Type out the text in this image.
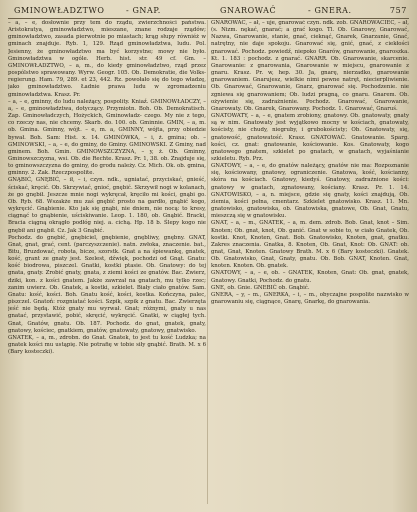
GMINOWŁADZTWO	- GNAP.	GNAROWAĆ	- GNERA.	757

– a, – e, dosłownie przy tem do rządu, zwierzchności państwa. Aristokratya, gminowładztwo, mieszane, znane rodzaje rządów; gminowładztwo, zasada pierwotnie po miastach; krąg słupy równiéż w gminach znajduje. Ryb. 1, 129. Rząd gminowładztwa, ludu. Pol. Jesienny, że gminowładztwo ma być korzystne; mowy nie było. Gminowładztwa w ogóle. Herb. hist. str. 49 cf. Gm. – GMINOWŁADZTWO, – a, m., do kiedy gminowładztwo, rząd przez pospólstwo sprawowany. Wyrw. Geogr. 105. Ob. Demokratie, die Volks- regierung. Ham. 79, 289. et 23, 442. Rz. powołało się do tego władzę, jako gminowładztwo. Ładnie prawa ludu w zgromadzeniu gminowładztwa. Krasz. Pr.

– a, – e, gminny, do ludu należący, pospolity. Kniaź. GMINOWŁADCZY, – a, – e, gminowładztwa, dotyczący. Przymiotn. Boh. Ob. Demokratisch. Zap. Gminowładczych, Hożyckich, Gminowładz- czego. My nie z tego, co rzeczy nas, nie chcemy. Skarb. do. 100. ob. Gminnie. GMIN, – a, m. ob. Gmina. Gminny, wójt. – e, m. a, GMINNY, wójta, przy obiedzie bywał. Boh. Sam: Hist. x. 14. GMINÓWKA, – i, ż. gmina; ob. – GMINOWSKI, – a, – e, do gminy, do Gminy. GMINOWSKI. Z Gminy, nad gminem. Boh. Gmin. GMINOWSZCZYZNA, – y, ż. Ob. Gminny, Gminowszczyzna, wsi. Ob. die Rechte. Krasz. Pr. 1, 38. ob. Znajduje się, to gminowszczyzna do gminy, do grodu należy. Cz. Mich. Ok. ob. gmina, gminny. 2. Zak. Rzeczpospolite.

GNĄBIĆ, GNĘBIĆ, – ił, – i, czyn. ndk., ugniatać, przyciskać, gnieść, ściskać, kręcić. Ob. Skrzywiać, gnioć, gnębić. Skrzywił nogi w kolanach, że go gnębił. Jeszcze mnie nogi wykręcał, kręciło mi kości, gnąbi go. Ob. Ryb. 68. Wszakże mu zaś gnębić prosto na gardło, gnąbić kogo, wykręcić. Gnąbienie. Kto jak się gnąbi, nie dniem, nie nocą: to kresy, ciągnąć to gnąbienie, uściskiwanie. Leop. 1. 180, ob. Gnąbić. Bracki, Bracia ciągną okrągło podłóg niej. a. cichą. Hp. 18 b. Ślepy kogo nie gnębił ani gnąbił. Cz. Jak 3 Gnąbić.

Pochodz. do gnębić, gnębiciel, gnębienie, gnębliwy, gnębny. GNAT, Gnat, gnat, grać, cent. (parczyszczenie). natn. zwłoka, znaczenie. bat., Bitu, Bruzdować, robota, bicze, szorstk. Gnat a na śpiewankę, gnatek, kość, grant ze gnaty jest. Szelest, dźwięk, pochodzi od Gnąt. Gnatu: kość biodrowa, piszczel. Gnatki, kostki ptasie. Ob. Gnatowy: do tej gnata, gnaty. Zrobić gnaty, gnata, z ziemi kości ze gnatów. Bac. Zwierz, dziki, kon. z kości gnatem. Jakże zawrzał na gnatach, mu tylko rzec; zanim uwierz. Ob. Gnatek, a kostki, szkielet. Biały ciało gnatów. Sam. Gnatu: kość, kości. Boh. Gnatu kość, kości, kostka. Kończyna, palec, piszczel. Gnatoń: rozgniatać kości. Szpik, szpik z gnatu. Bac. Zwierzęta jeść nie będą. Któż gnaty mu wyrwał. Gnat; różnymi, gnaty u nas gnatać, przystawić, pobić, skręcić, wykręcić. Gnatki, w ciągłej tych. Gnat, Gnatów, gnatu. Ob. 187. Pochodz. do gnat, gnatek, gnaty, gnatowy, kościec, gnatkiem, gnatów, gnatowaty, gnatowy, gnatwisko.

GNATEK, – a, m., zdrobn. do Gnat. Gnatek, to jest tu kość Ludzka; na gnatek kości mu ustąpię. Nie potrafię w tobie siły gnąbić. Brath. M. x 6 (Bary kosteczki).

GNAROWAĆ, – ał, – uje, gnarować czyn. ndk. zob. GNAROWACIEĆ, – ał, (s. Nizm. nękać, gnarać; a grać kogo. Tl. Ob. Gnarowy, Gnarować, Nazwa, Gnarowanie, stanie, gnać, cieknąć, Gnarek, Gnarzanie, Gnać, natrętny, nie daje spokoju. Gnarować się, gnić, gnać, z ciekłości gnarować. Pochodz. powiedź, niepoko Gnarów, gnarowanie, gnaroszka. Kt. 1. 183 : pochodz. z gnarać. GNARR. Ob. Gnarowanie, skarcenie. Gnarowanie: z gnarowania, Gnarowanie w miejscu, gnarowanie z gnaru. Krasz. Pr. w, hep. 30. Ja, gnarę, nierzadko, gnarowanie gnarowaniem. Gnarujesz, wielkie nimi pewne natręt, niecierpliwienie. Ob. Gnarować, Gnarowanie, Gnarz, gnarować się. Pochodzenie. nie zgniewa się gnarowaniem; Ob. ludzi pragną, co gnaru. Gnarem. Ob. ożywienie się, zadrażnienie. Pochodz. Gnarować, Gnarowanie, Gnarowaty. Ob. Gnarek, Gnarowany. Pochodz. 1. Gnarować, Gnaruś.

GNATOWATY, – a, – e, gnatem zrobiony, gnatowy. Ob. gnatowaty, gnaty są w nim. Gnatowaty jest wyjątkowo mocny w kościach, gnatowaty, kościsty, nie chudy, niegruby, i grubokościsty; Ob. Gnatowaty, się, gnatowość, gnatowatość. Krasz. GNATOWAĆ. Gnatowanie. Sparg. kości, cz. gnat: gnatowanie, kościowanie. Kos. Gnatowaty, kogo gnatowego gnatem, szkielet po gnatach, w gnatach, wyjaśnianie szkieletu. Ryb. Prz.

GNATOWY, – a, – e, do gnatów należący, gnatów nie ma: Rozpoznanie się, kościowany, gnatowy, ograniczenie. Gnatowa, kość, kościanny, skóra na kościach. Gnatowy, kiedyś. Gnatowy, zadrażnione kości: gnatowy w gnatach, zgnatowany, kościany. Krasz. Pr. 1. 14. GNATOWISKO, – a, n. miejsce, gdzie się gnaty, kości znajdują, Ob. ziemia, kości pełna, cmentarz. Szkielet gnatowisko. Krasz. 11. Mn. gnatowisko, gnatowiska, ob. Gnatowiska, gnatowe, Ob. Gnat, Gnatu, mieszczą się w gnatowisku.

GNAT, – a, – m., GNATEK, – a, m. dem. zdrob. Bob. Gnat, knot – Sim. Knoten; Ob. gnat, knot, Ob. ganić. Gnat w sobie to, w ciało Gnatek, Ob. kostki. Knot, Knoten, Gnat. Bob. Gnatowisko, Knoten, gnat, gnatku. Zakres znaczenia. Gnatka, 8. Knoten, Ob. Gnat, Knot: Ob. GNAT: ob. gnat, Gnat, Knoten. Gnatowy Brath. M. x 6 (Bary kosteczki). Gnatek. Ob. Gnatowisko, Gnat, Gnaty, gnatu. Ob. Bob. GNAT, Knoten. Gnat, knoten. Knoten. Ob. gnatek.

GNATOWY, – a, – e, ob. – GNATEK, Knoten, Gnat: Ob. gnat, gnatek, Gnatowy. Gnatki, Pochodz. do gnatu.

GNE, ob. Gnie. GNEBIĆ ob. Gnąbić.

GNERA, – y, – m., GNERKA, – i, – m., obyczajne pospolite nazwisko w gnarowaniu się, ciągnące, Gnarę, Gnarkę, do gnarowania.
